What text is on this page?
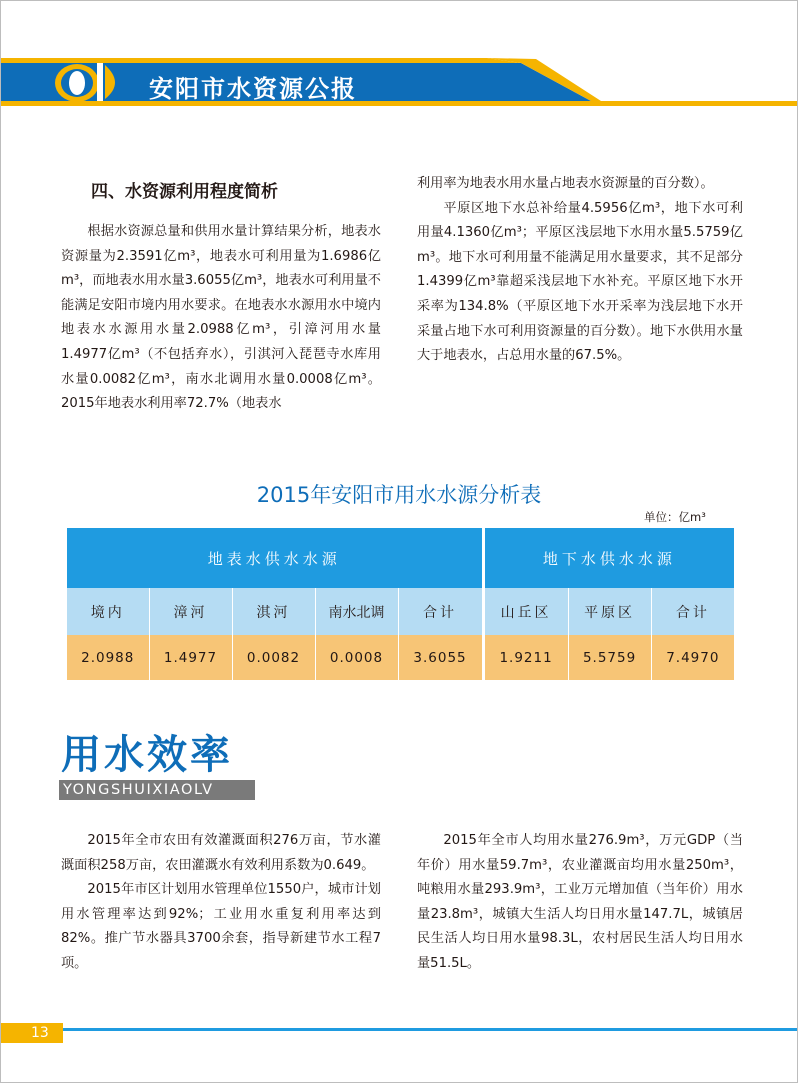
安阳市水资源公报
四、水资源利用程度简析

根据水资源总量和供用水量计算结果分析，地表水资源量为2.3591亿m³，地表水可利用量为1.6986亿m³，而地表水用水量3.6055亿m³，地表水可利用量不能满足安阳市境内用水要求。在地表水水源用水中境内地表水水源用水量2.0988亿m³，引漳河用水量1.4977亿m³（不包括弃水），引淇河入琵琶寺水库用水量0.0082亿m³，南水北调用水量0.0008亿m³。2015年地表水利用率72.7%（地表水

利用率为地表水用水量占地表水资源量的百分数）。

平原区地下水总补给量4.5956亿m³，地下水可利用量4.1360亿m³；平原区浅层地下水用水量5.5759亿m³。地下水可利用量不能满足用水量要求，其不足部分1.4399亿m³靠超采浅层地下水补充。平原区地下水开采率为134.8%（平原区地下水开采率为浅层地下水开采量占地下水可利用资源量的百分数）。地下水供用水量大于地表水，占总用水量的67.5%。

2015年安阳市用水水源分析表
单位：亿m³
地表水供水水源					地下水供水水源		
境内	漳河	淇河	南水北调	合计	山丘区	平原区	合计
2.0988	1.4977	0.0082	0.0008	3.6055	1.9211	5.5759	7.4970
用水效率
YONGSHUIXIAOLV

2015年全市农田有效灌溉面积276万亩，节水灌溉面积258万亩，农田灌溉水有效利用系数为0.649。

2015年市区计划用水管理单位1550户，城市计划用水管理率达到92%；工业用水重复利用率达到82%。推广节水器具3700余套，指导新建节水工程7项。

2015年全市人均用水量276.9m³，万元GDP（当年价）用水量59.7m³，农业灌溉亩均用水量250m³，吨粮用水量293.9m³，工业万元增加值（当年价）用水量23.8m³，城镇大生活人均日用水量147.7L，城镇居民生活人均日用水量98.3L，农村居民生活人均日用水量51.5L。

13
